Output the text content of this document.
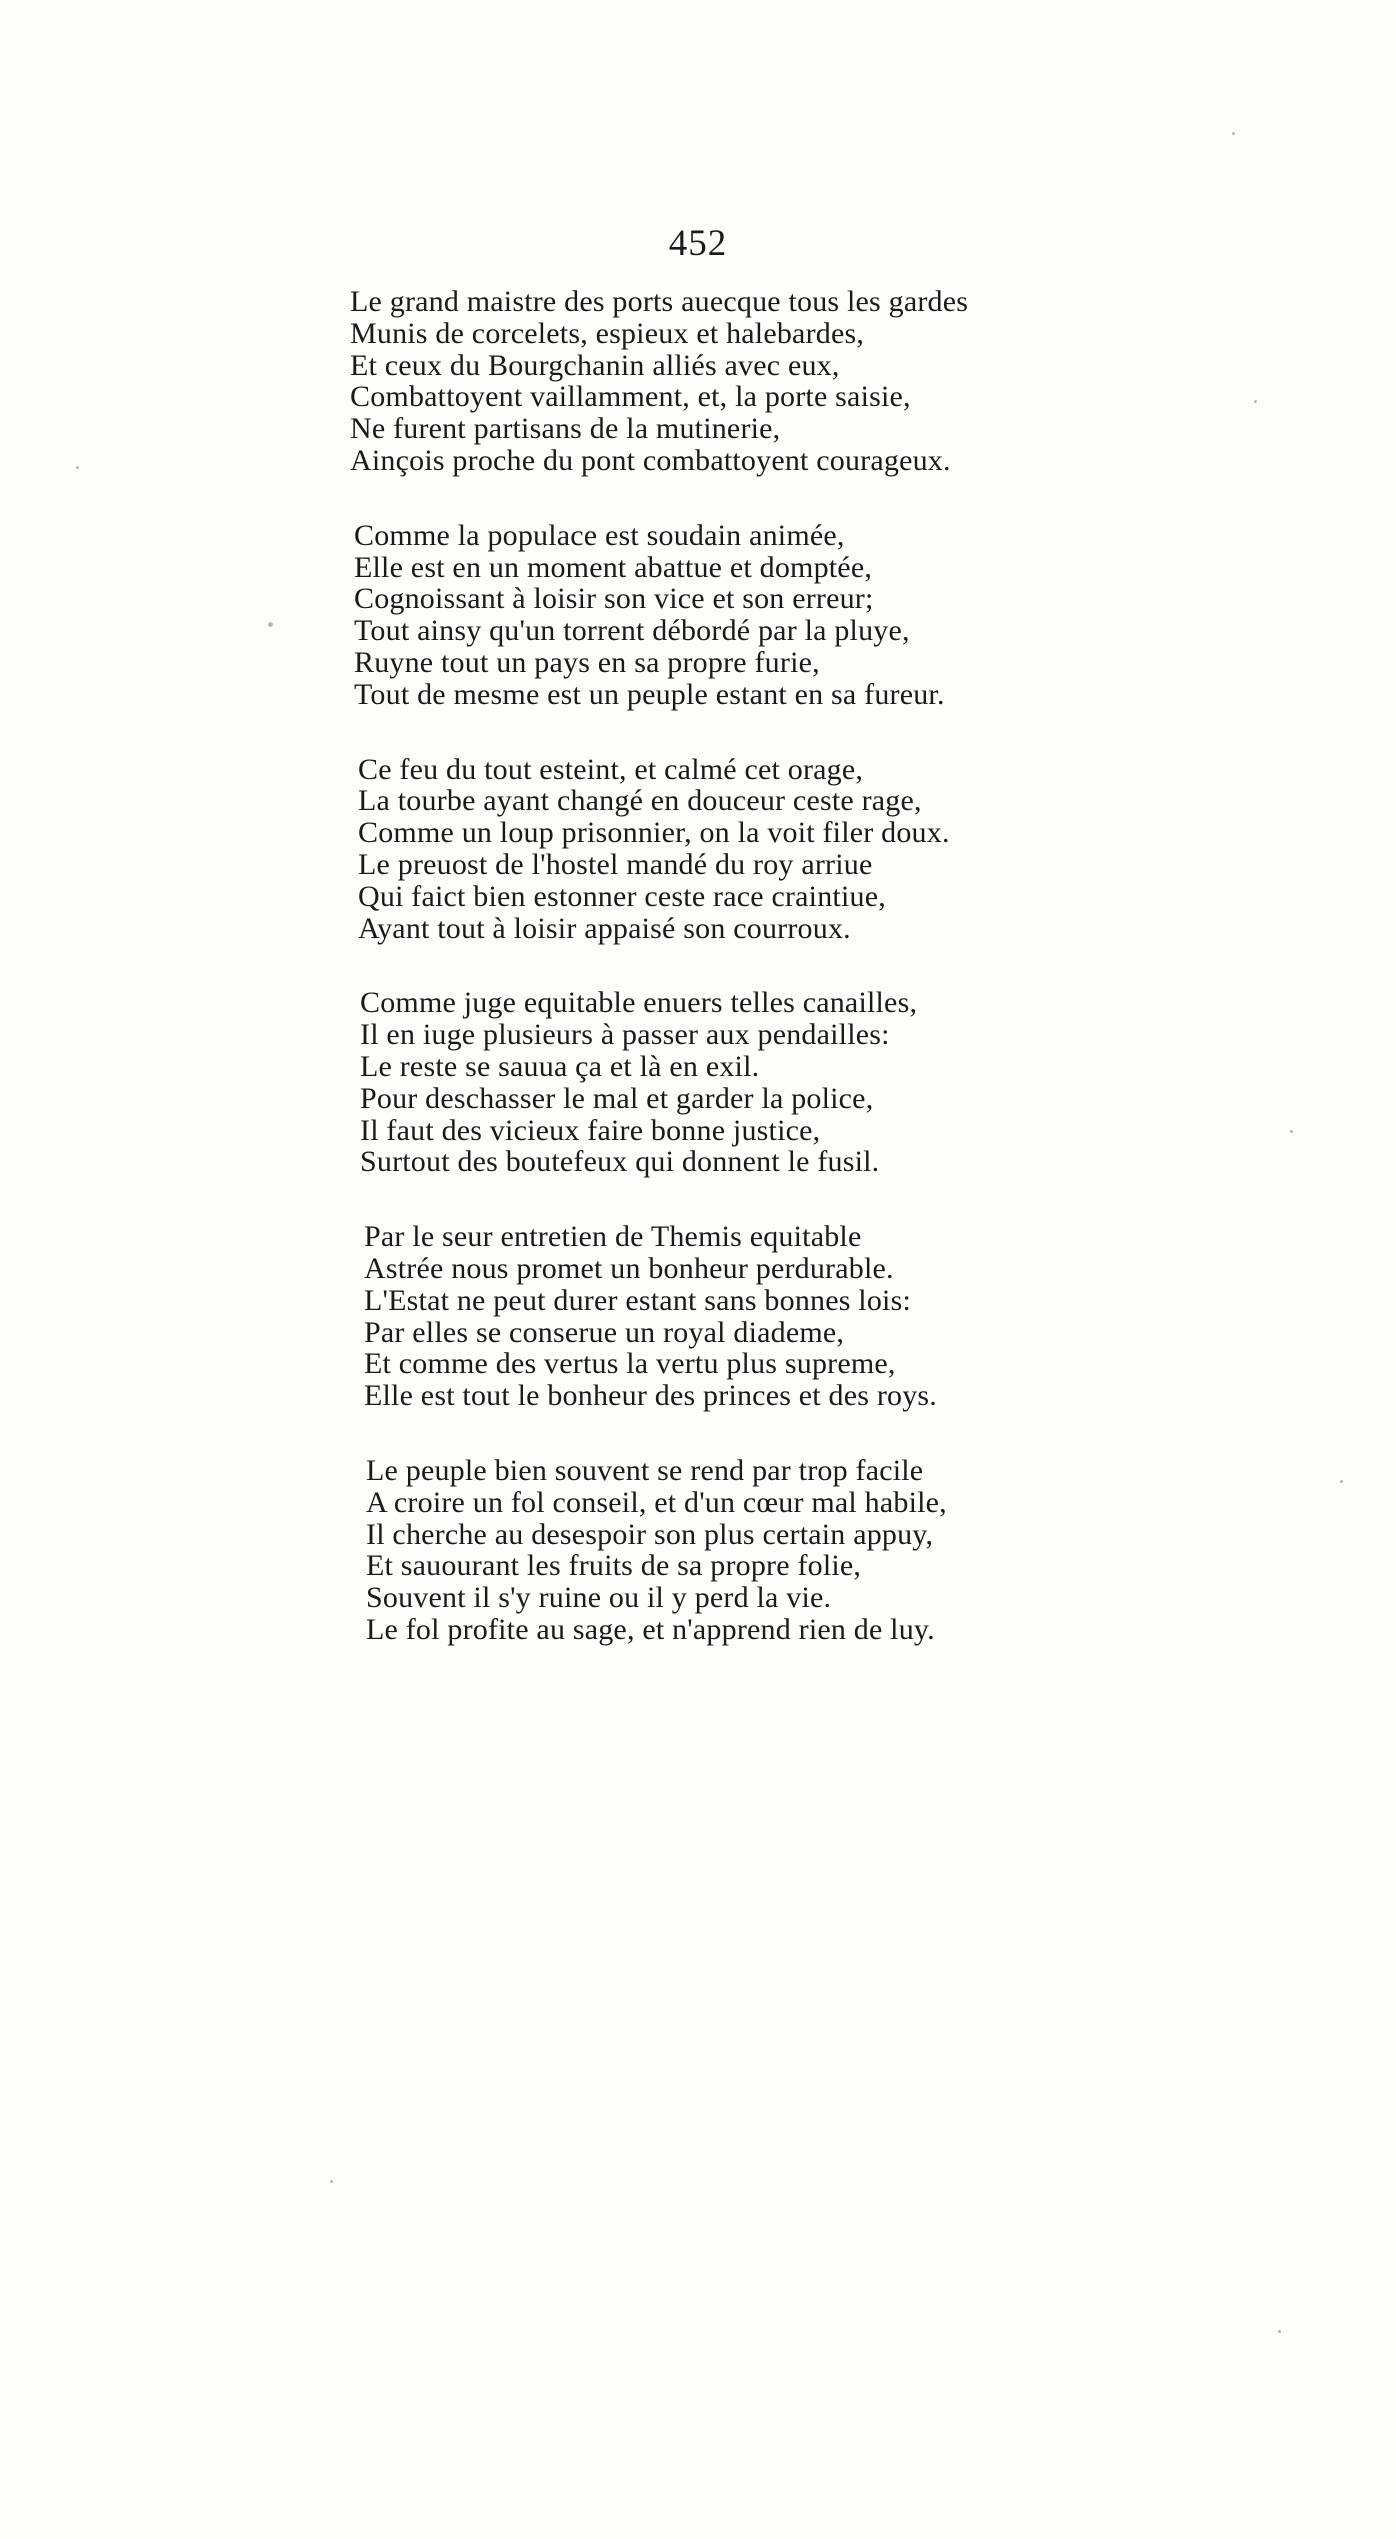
452
Le grand maistre des ports auecque tous les gardes
Munis de corcelets, espieux et halebardes,
Et ceux du Bourgchanin alliés avec eux,
Combattoyent vaillamment, et, la porte saisie,
Ne furent partisans de la mutinerie,
Ainçois proche du pont combattoyent courageux.
Comme la populace est soudain animée,
Elle est en un moment abattue et domptée,
Cognoissant à loisir son vice et son erreur;
Tout ainsy qu'un torrent débordé par la pluye,
Ruyne tout un pays en sa propre furie,
Tout de mesme est un peuple estant en sa fureur.
Ce feu du tout esteint, et calmé cet orage,
La tourbe ayant changé en douceur ceste rage,
Comme un loup prisonnier, on la voit filer doux.
Le preuost de l'hostel mandé du roy arriue
Qui faict bien estonner ceste race craintiue,
Ayant tout à loisir appaisé son courroux.
Comme juge equitable enuers telles canailles,
Il en iuge plusieurs à passer aux pendailles:
Le reste se sauua ça et là en exil.
Pour deschasser le mal et garder la police,
Il faut des vicieux faire bonne justice,
Surtout des boutefeux qui donnent le fusil.
Par le seur entretien de Themis equitable
Astrée nous promet un bonheur perdurable.
L'Estat ne peut durer estant sans bonnes lois:
Par elles se conserue un royal diademe,
Et comme des vertus la vertu plus supreme,
Elle est tout le bonheur des princes et des roys.
Le peuple bien souvent se rend par trop facile
A croire un fol conseil, et d'un cœur mal habile,
Il cherche au desespoir son plus certain appuy,
Et sauourant les fruits de sa propre folie,
Souvent il s'y ruine ou il y perd la vie.
Le fol profite au sage, et n'apprend rien de luy.
